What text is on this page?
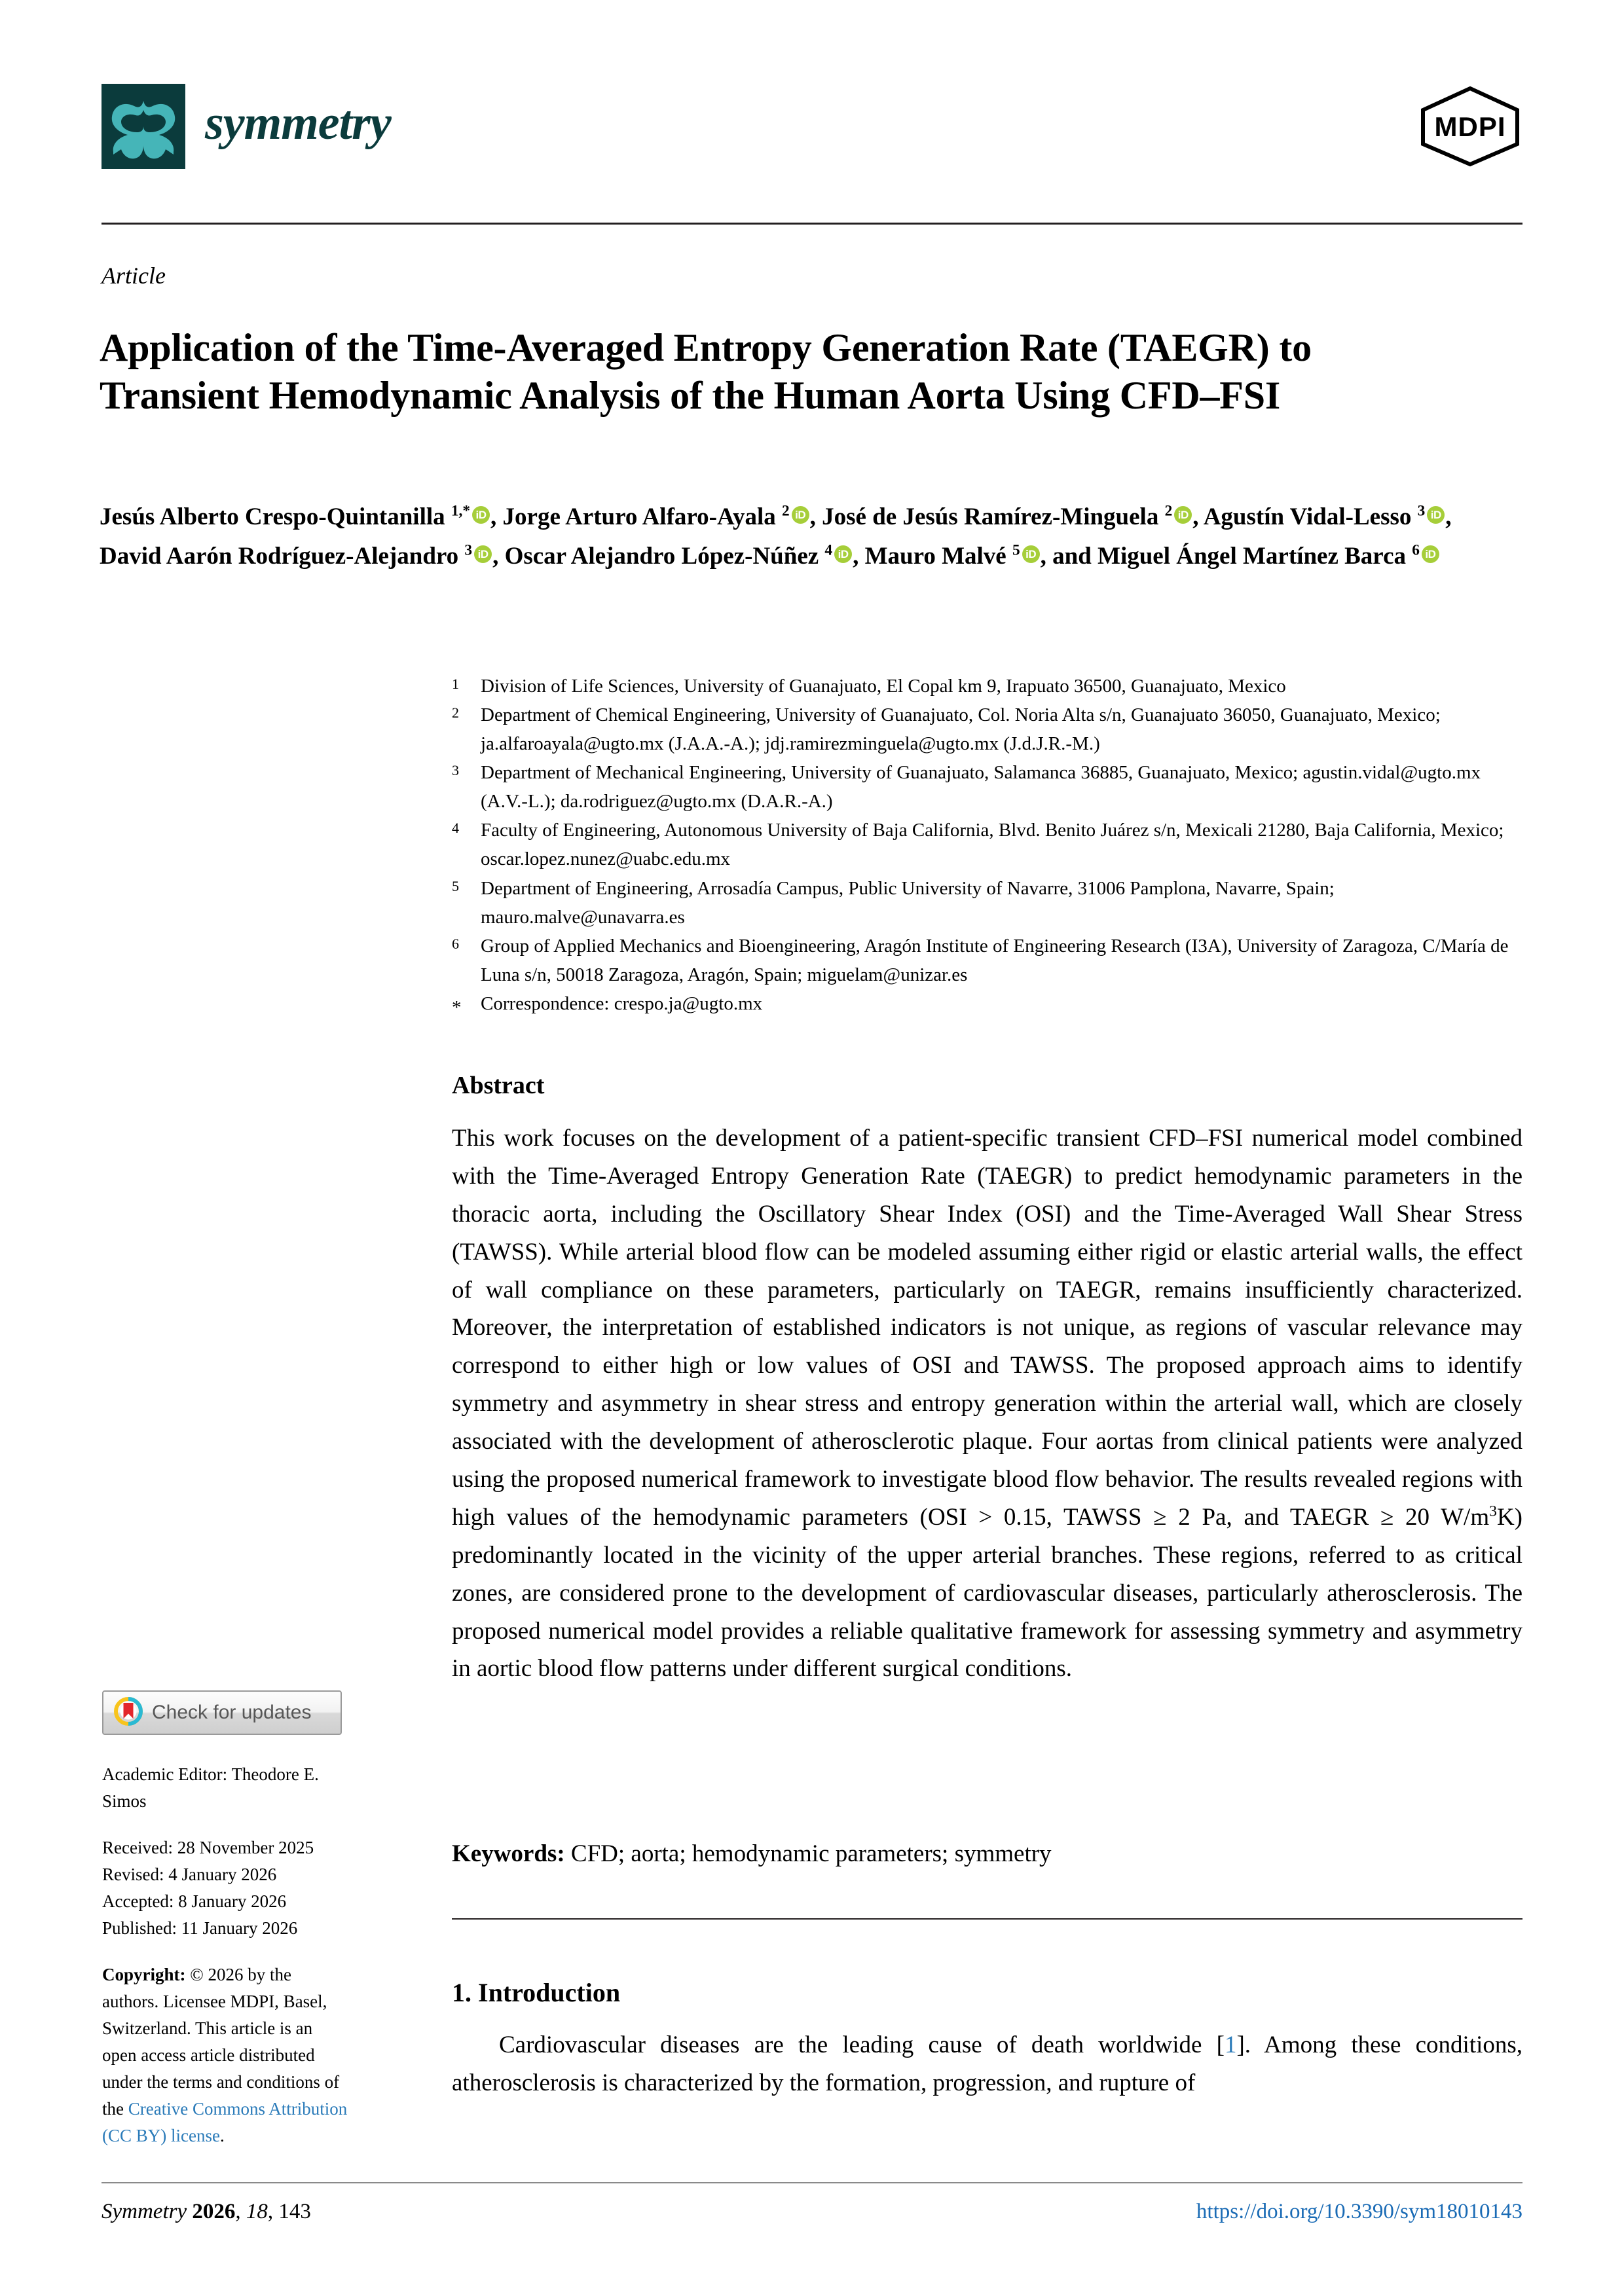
symmetry	MDPI
Article
Application of the Time-Averaged Entropy Generation Rate (TAEGR) to Transient Hemodynamic Analysis of the Human Aorta Using CFD–FSI
Jesús Alberto Crespo-Quintanilla $^{1,*}$ iD , Jorge Arturo Alfaro-Ayala $^2$ iD , José de Jesús Ramírez-Minguela $^2$ iD , Agustín Vidal-Lesso $^3$ iD , David Aarón Rodríguez-Alejandro $^3$ iD , Oscar Alejandro López-Núñez $^4$ iD , Mauro Malvé $^5$ iD , and Miguel Ángel Martínez Barca $^6$ iD
1	Division of Life Sciences, University of Guanajuato, El Copal km 9, Irapuato 36500, Guanajuato, Mexico
2	Department of Chemical Engineering, University of Guanajuato, Col. Noria Alta s/n, Guanajuato 36050, Guanajuato, Mexico; ja.alfaroayala@ugto.mx (J.A.A.-A.); jdj.ramirezminguela@ugto.mx (J.d.J.R.-M.)
3	Department of Mechanical Engineering, University of Guanajuato, Salamanca 36885, Guanajuato, Mexico; agustin.vidal@ugto.mx (A.V.-L.); da.rodriguez@ugto.mx (D.A.R.-A.)
4	Faculty of Engineering, Autonomous University of Baja California, Blvd. Benito Juárez s/n, Mexicali 21280, Baja California, Mexico; oscar.lopez.nunez@uabc.edu.mx
5	Department of Engineering, Arrosadía Campus, Public University of Navarre, 31006 Pamplona, Navarre, Spain; mauro.malve@unavarra.es
6	Group of Applied Mechanics and Bioengineering, Aragón Institute of Engineering Research (I3A), University of Zaragoza, C/María de Luna s/n, 50018 Zaragoza, Aragón, Spain; miguelam@unizar.es
*	Correspondence: crespo.ja@ugto.mx
Abstract
This work focuses on the development of a patient-specific transient CFD–FSI numerical model combined with the Time-Averaged Entropy Generation Rate (TAEGR) to predict hemodynamic parameters in the thoracic aorta, including the Oscillatory Shear Index (OSI) and the Time-Averaged Wall Shear Stress (TAWSS). While arterial blood flow can be modeled assuming either rigid or elastic arterial walls, the effect of wall compliance on these parameters, particularly on TAEGR, remains insufficiently characterized. Moreover, the interpretation of established indicators is not unique, as regions of vascular relevance may correspond to either high or low values of OSI and TAWSS. The proposed approach aims to identify symmetry and asymmetry in shear stress and entropy generation within the arterial wall, which are closely associated with the development of atherosclerotic plaque. Four aortas from clinical patients were analyzed using the proposed numerical framework to investigate blood flow behavior. The results revealed regions with high values of the hemodynamic parameters (OSI > 0.15, TAWSS ≥ 2 Pa, and TAEGR ≥ 20 $W/m^3K$) predominantly located in the vicinity of the upper arterial branches. These regions, referred to as critical zones, are considered prone to the development of cardiovascular diseases, particularly atherosclerosis. The proposed numerical model provides a reliable qualitative framework for assessing symmetry and asymmetry in aortic blood flow patterns under different surgical conditions.
Keywords: CFD; aorta; hemodynamic parameters; symmetry
1. Introduction
Cardiovascular diseases are the leading cause of death worldwide [1]. Among these conditions, atherosclerosis is characterized by the formation, progression, and rupture of
Check for updates
Academic Editor: Theodore E. Simos
Received: 28 November 2025
Revised: 4 January 2026
Accepted: 8 January 2026
Published: 11 January 2026
Copyright: © 2026 by the authors. Licensee MDPI, Basel, Switzerland. This article is an open access article distributed under the terms and conditions of the Creative Commons Attribution (CC BY) license.
Symmetry 2026, 18, 143	https://doi.org/10.3390/sym18010143
